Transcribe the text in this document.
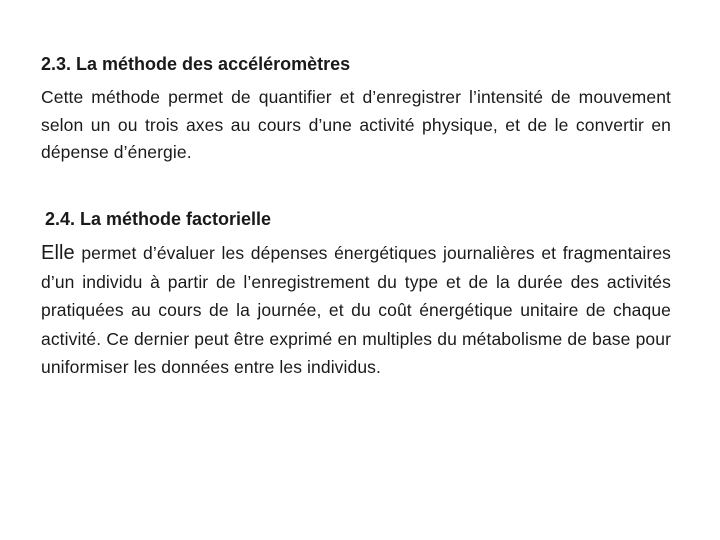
2.3. La méthode des accéléromètres

Cette méthode permet de quantifier et d’enregistrer l’intensité de mouvement selon un ou trois axes au cours d’une activité physique, et de le convertir en dépense d’énergie.

2.4. La méthode factorielle

Elle permet d’évaluer les dépenses énergétiques journalières et fragmentaires d’un individu à partir de l’enregistrement du type et de la durée des activités pratiquées au cours de la journée, et du coût énergétique unitaire de chaque activité. Ce dernier peut être exprimé en multiples du métabolisme de base pour uniformiser les données entre les individus.
